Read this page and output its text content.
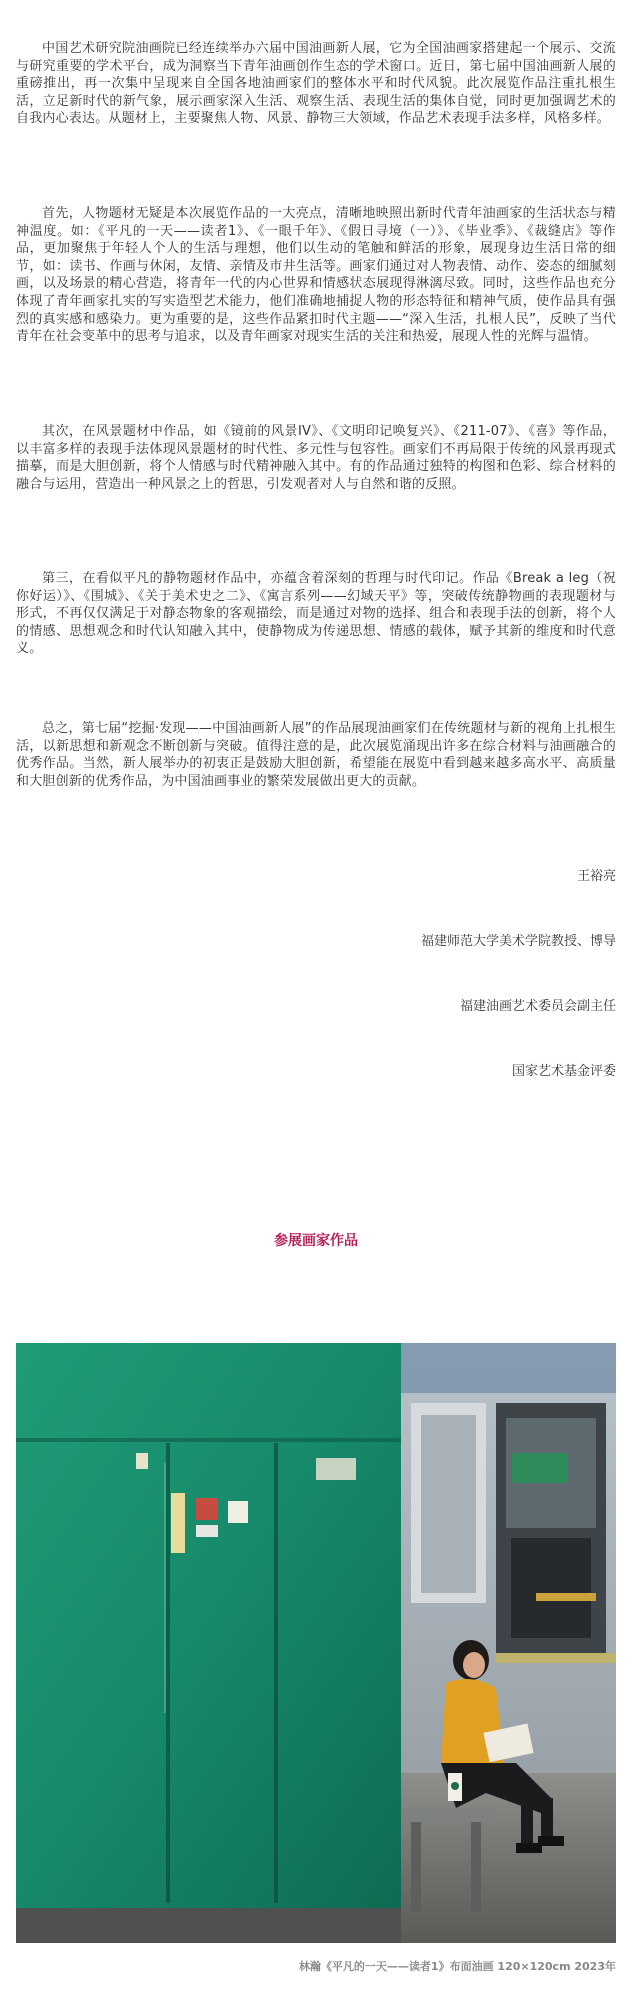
中国艺术研究院油画院已经连续举办六届中国油画新人展，它为全国油画家搭建起一个展示、交流与研究重要的学术平台，成为洞察当下青年油画创作生态的学术窗口。近日，第七届中国油画新人展的重磅推出，再一次集中呈现来自全国各地油画家们的整体水平和时代风貌。此次展览作品注重扎根生活，立足新时代的新气象，展示画家深入生活、观察生活、表现生活的集体自觉，同时更加强调艺术的自我内心表达。从题材上，主要聚焦人物、风景、静物三大领域，作品艺术表现手法多样，风格多样。

首先，人物题材无疑是本次展览作品的一大亮点，清晰地映照出新时代青年油画家的生活状态与精神温度。如：《平凡的一天——读者1》、《一眼千年》、《假日寻境（一）》、《毕业季》、《裁缝店》等作品，更加聚焦于年轻人个人的生活与理想，他们以生动的笔触和鲜活的形象，展现身边生活日常的细节，如：读书、作画与休闲，友情、亲情及市井生活等。画家们通过对人物表情、动作、姿态的细腻刻画，以及场景的精心营造，将青年一代的内心世界和情感状态展现得淋漓尽致。同时，这些作品也充分体现了青年画家扎实的写实造型艺术能力，他们准确地捕捉人物的形态特征和精神气质，使作品具有强烈的真实感和感染力。更为重要的是，这些作品紧扣时代主题——“深入生活，扎根人民”，反映了当代青年在社会变革中的思考与追求，以及青年画家对现实生活的关注和热爱，展现人性的光辉与温情。

其次，在风景题材中作品，如《镜前的风景IV》、《文明印记唤复兴》、《211-07》、《喜》等作品，以丰富多样的表现手法体现风景题材的时代性、多元性与包容性。画家们不再局限于传统的风景再现式描摹，而是大胆创新，将个人情感与时代精神融入其中。有的作品通过独特的构图和色彩、综合材料的融合与运用，营造出一种风景之上的哲思，引发观者对人与自然和谐的反照。

第三，在看似平凡的静物题材作品中，亦蕴含着深刻的哲理与时代印记。作品《Break a leg（祝你好运）》、《围城》、《关于美术史之二》、《寓言系列——幻域天平》等，突破传统静物画的表现题材与形式，不再仅仅满足于对静态物象的客观描绘，而是通过对物的选择、组合和表现手法的创新，将个人的情感、思想观念和时代认知融入其中，使静物成为传递思想、情感的载体，赋予其新的维度和时代意义。

总之，第七届“挖掘·发现——中国油画新人展”的作品展现油画家们在传统题材与新的视角上扎根生活，以新思想和新观念不断创新与突破。值得注意的是，此次展览涌现出许多在综合材料与油画融合的优秀作品。当然，新人展举办的初衷正是鼓励大胆创新，希望能在展览中看到越来越多高水平、高质量和大胆创新的优秀作品，为中国油画事业的繁荣发展做出更大的贡献。

王裕亮
福建师范大学美术学院教授、博导
福建油画艺术委员会副主任
国家艺术基金评委
参展画家作品
林瀚《平凡的一天——读者1》布面油画 120×120cm 2023年
